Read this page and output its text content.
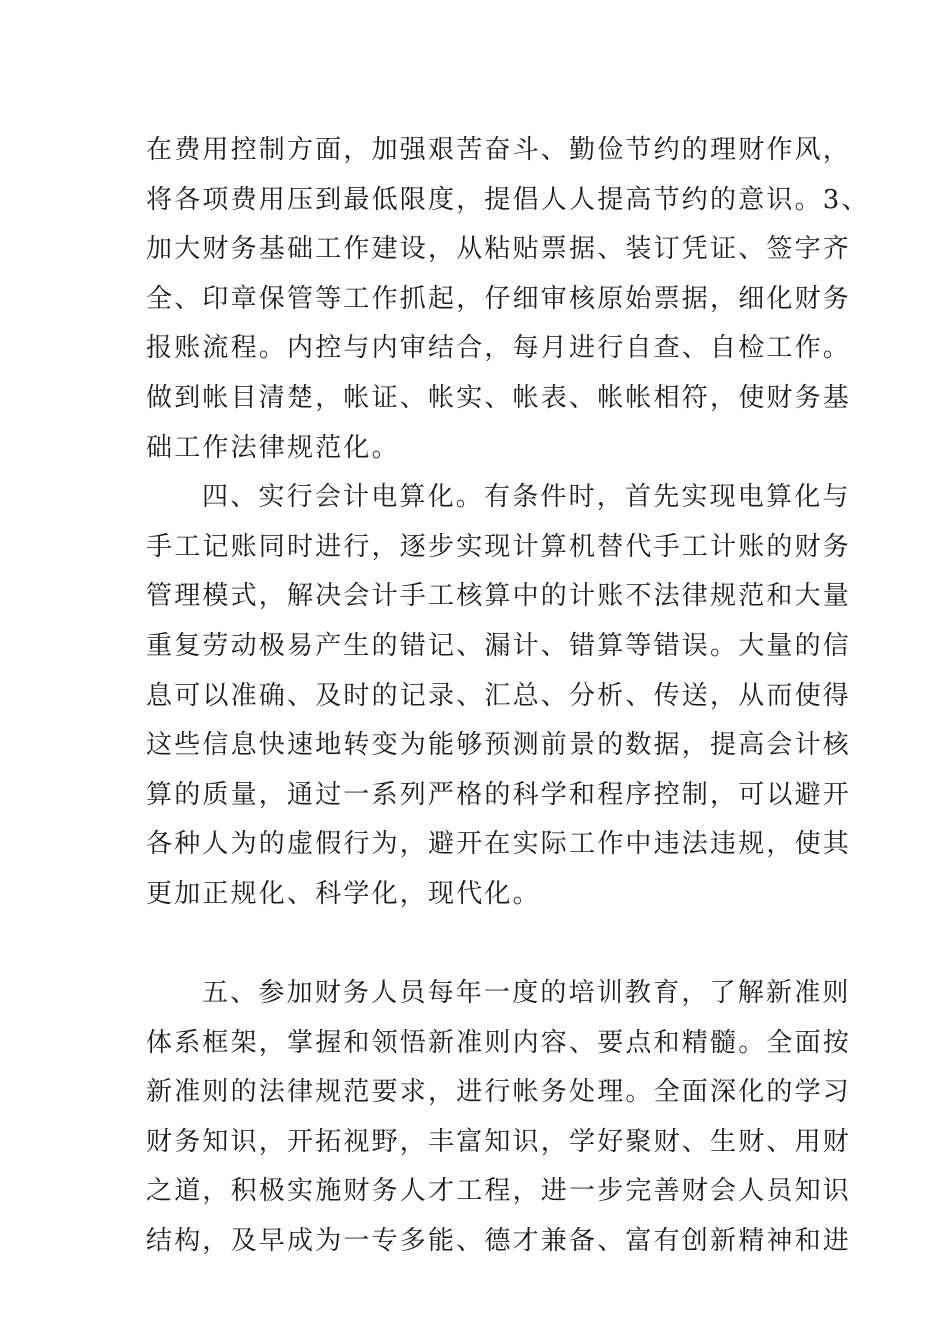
在费用控制方面，加强艰苦奋斗、勤俭节约的理财作风，
将各项费用压到最低限度，提倡人人提高节约的意识。3、
加大财务基础工作建设，从粘贴票据、装订凭证、签字齐
全、印章保管等工作抓起，仔细审核原始票据，细化财务
报账流程。内控与内审结合，每月进行自查、自检工作。
做到帐目清楚，帐证、帐实、帐表、帐帐相符，使财务基
础工作法律规范化。
四、实行会计电算化。有条件时，首先实现电算化与
手工记账同时进行，逐步实现计算机替代手工计账的财务
管理模式，解决会计手工核算中的计账不法律规范和大量
重复劳动极易产生的错记、漏计、错算等错误。大量的信
息可以准确、及时的记录、汇总、分析、传送，从而使得
这些信息快速地转变为能够预测前景的数据，提高会计核
算的质量，通过一系列严格的科学和程序控制，可以避开
各种人为的虚假行为，避开在实际工作中违法违规，使其
更加正规化、科学化，现代化。
五、参加财务人员每年一度的培训教育，了解新准则
体系框架，掌握和领悟新准则内容、要点和精髓。全面按
新准则的法律规范要求，进行帐务处理。全面深化的学习
财务知识，开拓视野，丰富知识，学好聚财、生财、用财
之道，积极实施财务人才工程，进一步完善财会人员知识
结构，及早成为一专多能、德才兼备、富有创新精神和进
